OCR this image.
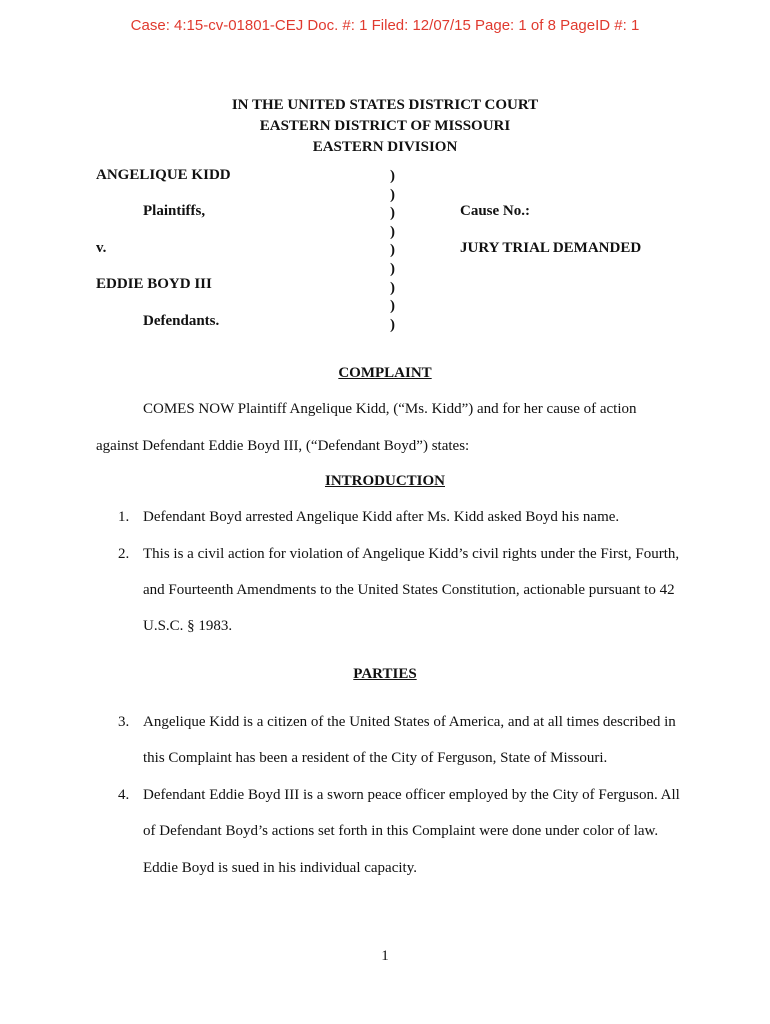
Case: 4:15-cv-01801-CEJ Doc. #: 1 Filed: 12/07/15 Page: 1 of 8 PageID #: 1
IN THE UNITED STATES DISTRICT COURT
EASTERN DISTRICT OF MISSOURI
EASTERN DIVISION
ANGELIQUE KIDD
Plaintiffs,
v.
EDDIE BOYD III
Defendants.
)
)
)
)
)
)
)
)
)
Cause No.:
JURY TRIAL DEMANDED
COMPLAINT
COMES NOW Plaintiff Angelique Kidd, (“Ms. Kidd”) and for her cause of action
against Defendant Eddie Boyd III, (“Defendant Boyd”) states:
INTRODUCTION
1. Defendant Boyd arrested Angelique Kidd after Ms. Kidd asked Boyd his name.
2. This is a civil action for violation of Angelique Kidd’s civil rights under the First, Fourth,
and Fourteenth Amendments to the United States Constitution, actionable pursuant to 42
U.S.C. § 1983.
PARTIES
3. Angelique Kidd is a citizen of the United States of America, and at all times described in
this Complaint has been a resident of the City of Ferguson, State of Missouri.
4. Defendant Eddie Boyd III is a sworn peace officer employed by the City of Ferguson. All
of Defendant Boyd’s actions set forth in this Complaint were done under color of law.
Eddie Boyd is sued in his individual capacity.
1
